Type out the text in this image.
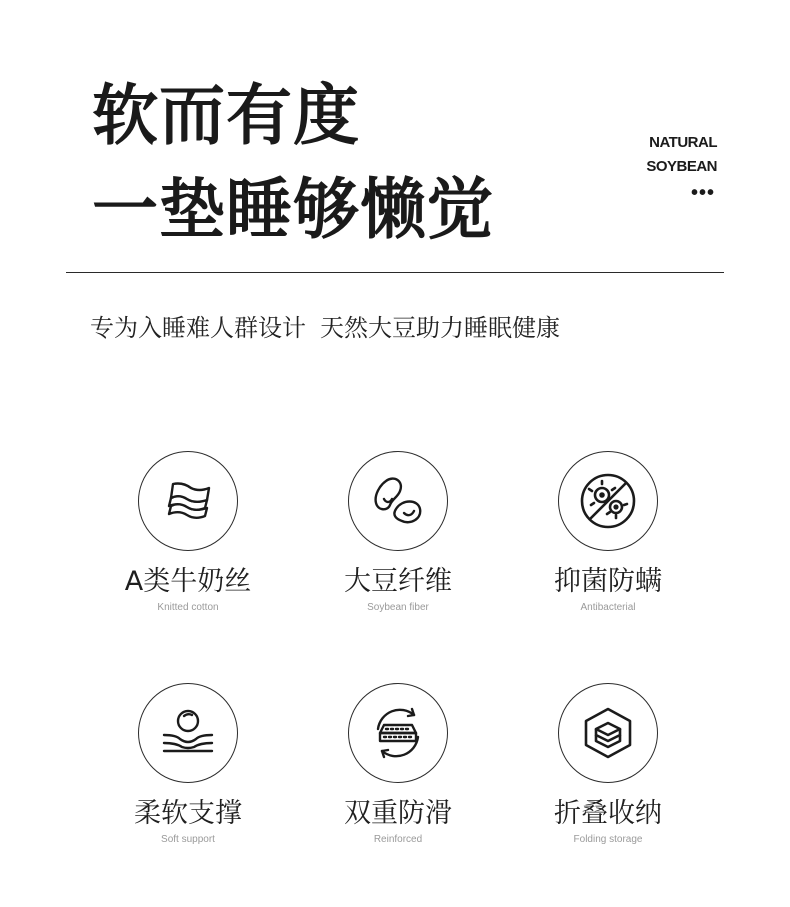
软而有度
一垫睡够懒觉
NATURAL
SOYBEAN
•••
专为入睡难人群设计 天然大豆助力睡眠健康
A类牛奶丝
Knitted cotton
大豆纤维
Soybean fiber
抑菌防螨
Antibacterial
柔软支撑
Soft support
双重防滑
Reinforced
折叠收纳
Folding storage
